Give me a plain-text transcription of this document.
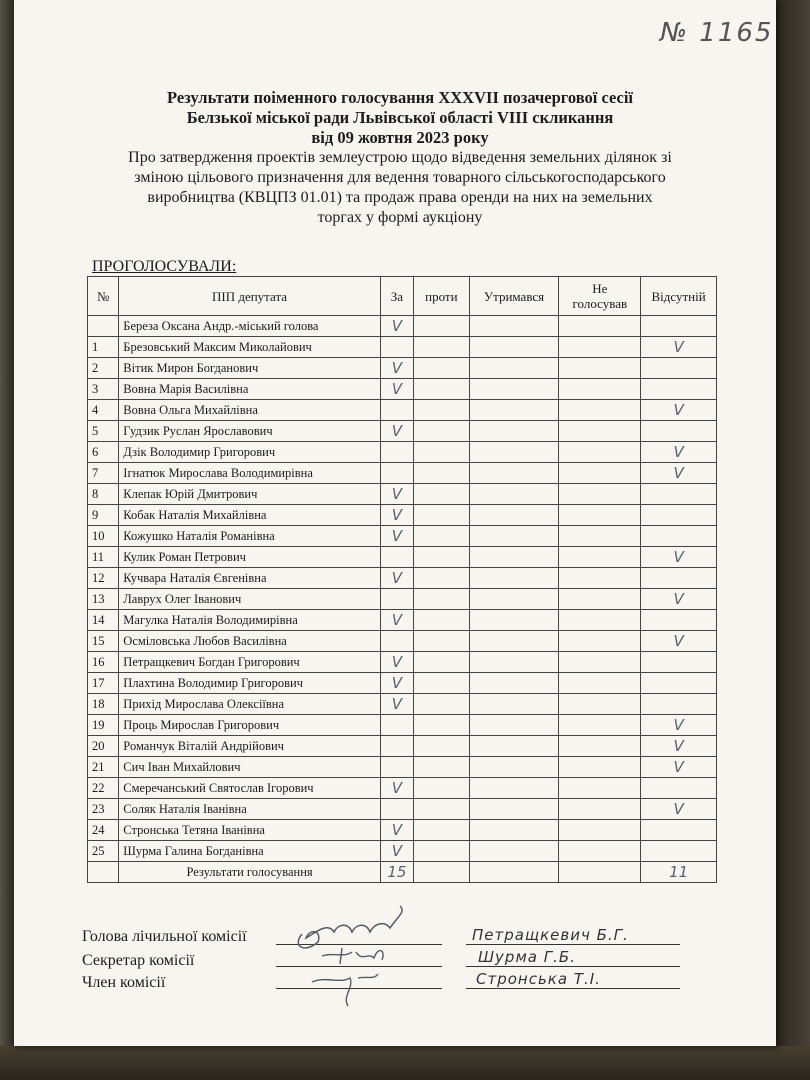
№ 1165
Результати поіменного голосування XXXVII позачергової сесії
Белзької міської ради Львівської області VIII скликання
від 09 жовтня 2023 року
Про затвердження проектів землеустрою щодо відведення земельних ділянок зі
зміною цільового призначення для ведення товарного сільськогосподарського
виробництва (КВЦПЗ 01.01) та продаж права оренди на них на земельних
торгах у формі аукціону
ПРОГОЛОСУВАЛИ:
№	ПІП депутата	За	проти	Утримався	Не голосував	Відсутній
	Береза Оксана Андр.-міський голова	V				
1	Брезовський Максим Миколайович					V
2	Вітик Мирон Богданович	V				
3	Вовна Марія Василівна	V				
4	Вовна Ольга Михайлівна					V
5	Гудзик Руслан Ярославович	V				
6	Дзік Володимир Григорович					V
7	Ігнатюк Мирослава Володимирівна					V
8	Клепак Юрій Дмитрович	V				
9	Кобак Наталія Михайлівна	V				
10	Кожушко Наталія Романівна	V				
11	Кулик Роман Петрович					V
12	Кучвара Наталія Євгенівна	V				
13	Лаврух Олег Іванович					V
14	Магулка Наталія Володимирівна	V				
15	Осміловська Любов Василівна					V
16	Петращкевич Богдан Григорович	V				
17	Плахтина Володимир Григорович	V				
18	Прихід Мирослава Олексіївна	V				
19	Проць Мирослав Григорович					V
20	Романчук Віталій Андрійович					V
21	Сич Іван Михайлович					V
22	Смеречанський Святослав Ігорович	V				
23	Соляк Наталія Іванівна					V
24	Стронська Тетяна Іванівна	V				
25	Шурма Галина Богданівна	V				
	Результати голосування	15				11
Голова лічильної комісії
Секретар комісії
Член комісії
Петращкевич Б.Г.
Шурма Г.Б.
Стронська Т.І.
